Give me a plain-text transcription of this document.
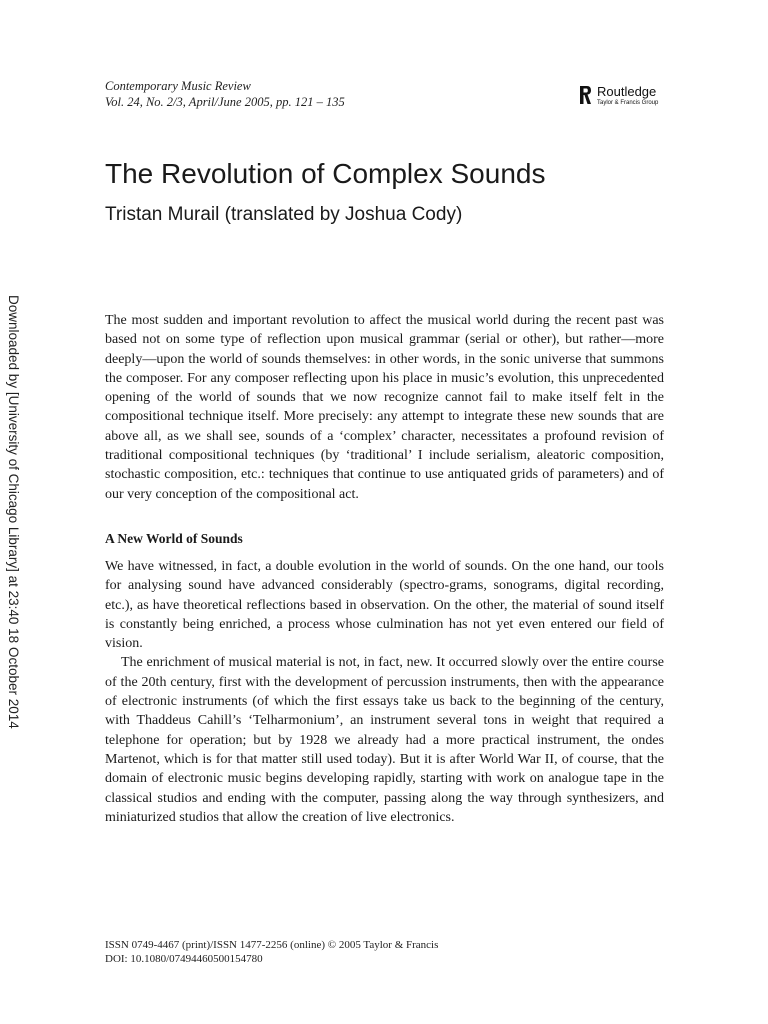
Contemporary Music Review
Vol. 24, No. 2/3, April/June 2005, pp. 121 – 135
Routledge
Taylor & Francis Group
The Revolution of Complex Sounds
Tristan Murail (translated by Joshua Cody)
Downloaded by [University of Chicago Library] at 23:40 18 October 2014	The most sudden and important revolution to affect the musical world during the recent past was based not on some type of reflection upon musical grammar (serial or other), but rather—more deeply—upon the world of sounds themselves: in other words, in the sonic universe that summons the composer. For any composer reflecting upon his place in music’s evolution, this unprecedented opening of the world of sounds that we now recognize cannot fail to make itself felt in the compositional technique itself. More precisely: any attempt to integrate these new sounds that are above all, as we shall see, sounds of a ‘complex’ character, necessitates a profound revision of traditional compositional techniques (by ‘traditional’ I include serialism, aleatoric composition, stochastic composition, etc.: techniques that continue to use antiquated grids of parameters) and of our very conception of the compositional act.

A New World of Sounds

We have witnessed, in fact, a double evolution in the world of sounds. On the one hand, our tools for analysing sound have advanced considerably (spectro-grams, sonograms, digital recording, etc.), as have theoretical reflections based in observation. On the other, the material of sound itself is constantly being enriched, a process whose culmination has not yet even entered our field of vision.

The enrichment of musical material is not, in fact, new. It occurred slowly over the entire course of the 20th century, first with the development of percussion instruments, then with the appearance of electronic instruments (of which the first essays take us back to the beginning of the century, with Thaddeus Cahill’s ‘Telharmonium’, an instrument several tons in weight that required a telephone for operation; but by 1928 we already had a more practical instrument, the ondes Martenot, which is for that matter still used today). But it is after World War II, of course, that the domain of electronic music begins developing rapidly, starting with work on analogue tape in the classical studios and ending with the computer, passing along the way through synthesizers, and miniaturized studios that allow the creation of live electronics.

ISSN 0749-4467 (print)/ISSN 1477-2256 (online) © 2005 Taylor & Francis
DOI: 10.1080/07494460500154780
